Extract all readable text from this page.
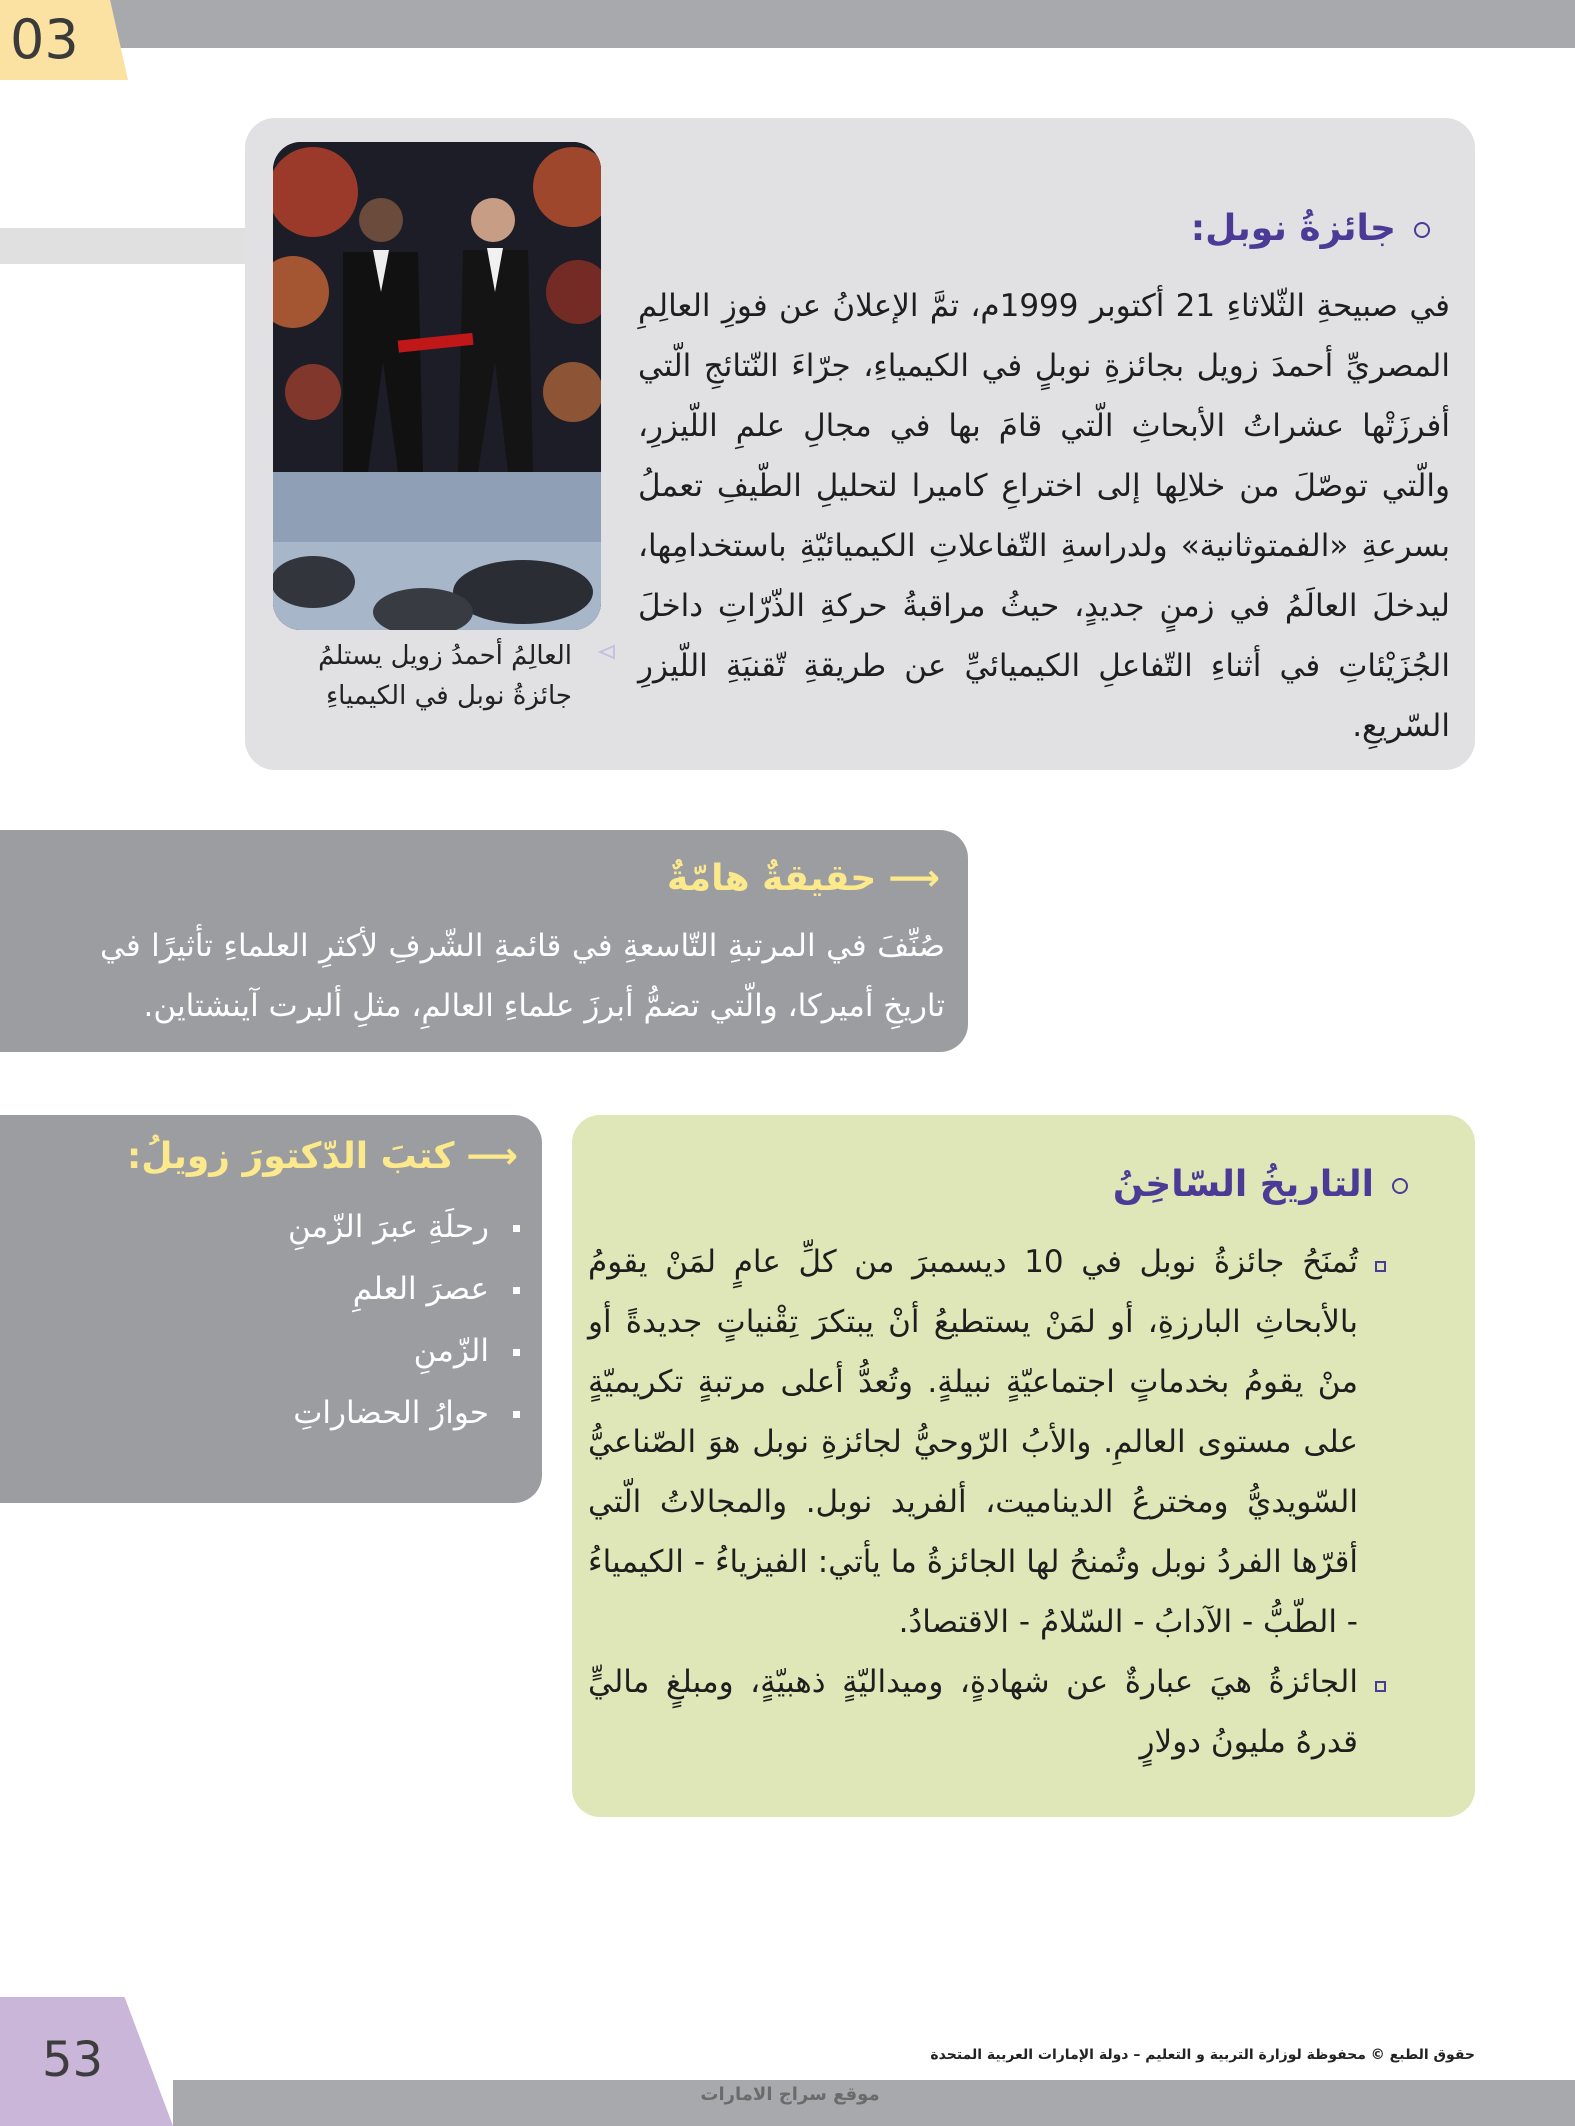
03
العالِمُ أحمدُ زويل يستلمُ جائزةُ نوبل في الكيمياءِ
جائزةُ نوبل:
في صبيحةِ الثّلاثاءِ 21 أكتوبر 1999م، تمَّ الإعلانُ عن فوزِ العالِمِ المصريِّ أحمدَ زويل بجائزةِ نوبلٍ في الكيمياءِ، جرّاءَ النّتائجِ الّتي أفرزَتْها عشراتُ الأبحاثِ الّتي قامَ بها في مجالِ علمِ اللّيزرِ، والّتي توصّلَ من خلالِها إلى اختراعِ كاميرا لتحليلِ الطّيفِ تعملُ بسرعةِ «الفمتوثانية» ولدراسةِ التّفاعلاتِ الكيميائيّةِ باستخدامِها، ليدخلَ العالَمُ في زمنٍ جديدٍ، حيثُ مراقبةُ حركةِ الذّرّاتِ داخلَ الجُزَيْئاتِ في أثناءِ التّفاعلِ الكيميائيِّ عن طريقةِ تّقنيَةِ اللّيزرِ السّريعِ.
⟶حقيقةٌ هامّةٌ
صُنِّفَ في المرتبةِ التّاسعةِ في قائمةِ الشّرفِ لأكثرِ العلماءِ تأثيرًا في تاريخِ أميركا، والّتي تضمُّ أبرزَ علماءِ العالمِ، مثلِ ألبرت آينشتاين.
⟶كتبَ الدّكتورَ زويلُ:
رحلَةِ عبرَ الزّمنِ
عصرَ العلمِ
الزّمنِ
حوارُ الحضاراتِ
التاريخُ السّاخِنُ
تُمنَحُ جائزةُ نوبل في 10 ديسمبرَ من كلِّ عامٍ لمَنْ يقومُ بالأبحاثِ البارزةِ، أو لمَنْ يستطيعُ أنْ يبتكرَ تِقْنياتٍ جديدةً أو منْ يقومُ بخدماتٍ اجتماعيّةٍ نبيلةٍ. وتُعدُّ أعلى مرتبةٍ تكريميّةٍ على مستوى العالمِ. والأبُ الرّوحيُّ لجائزةِ نوبل هوَ الصّناعيُّ السّويديُّ ومخترعُ الديناميت، ألفريد نوبل. والمجالاتُ الّتي أقرّها الفردُ نوبل وتُمنحُ لها الجائزةُ ما يأتي: الفيزياءُ - الكيمياءُ - الطّبُّ - الآدابُ - السّلامُ - الاقتصادُ.
الجائزةُ هيَ عبارةٌ عن شهادةٍ، وميداليّةٍ ذهبيّةٍ، ومبلغٍ ماليٍّ قدرهُ مليونُ دولارٍ
53
موقع سراج الامارات
حقوق الطبع © محفوظة لوزارة التربية و التعليم – دولة الإمارات العربية المتحدة
